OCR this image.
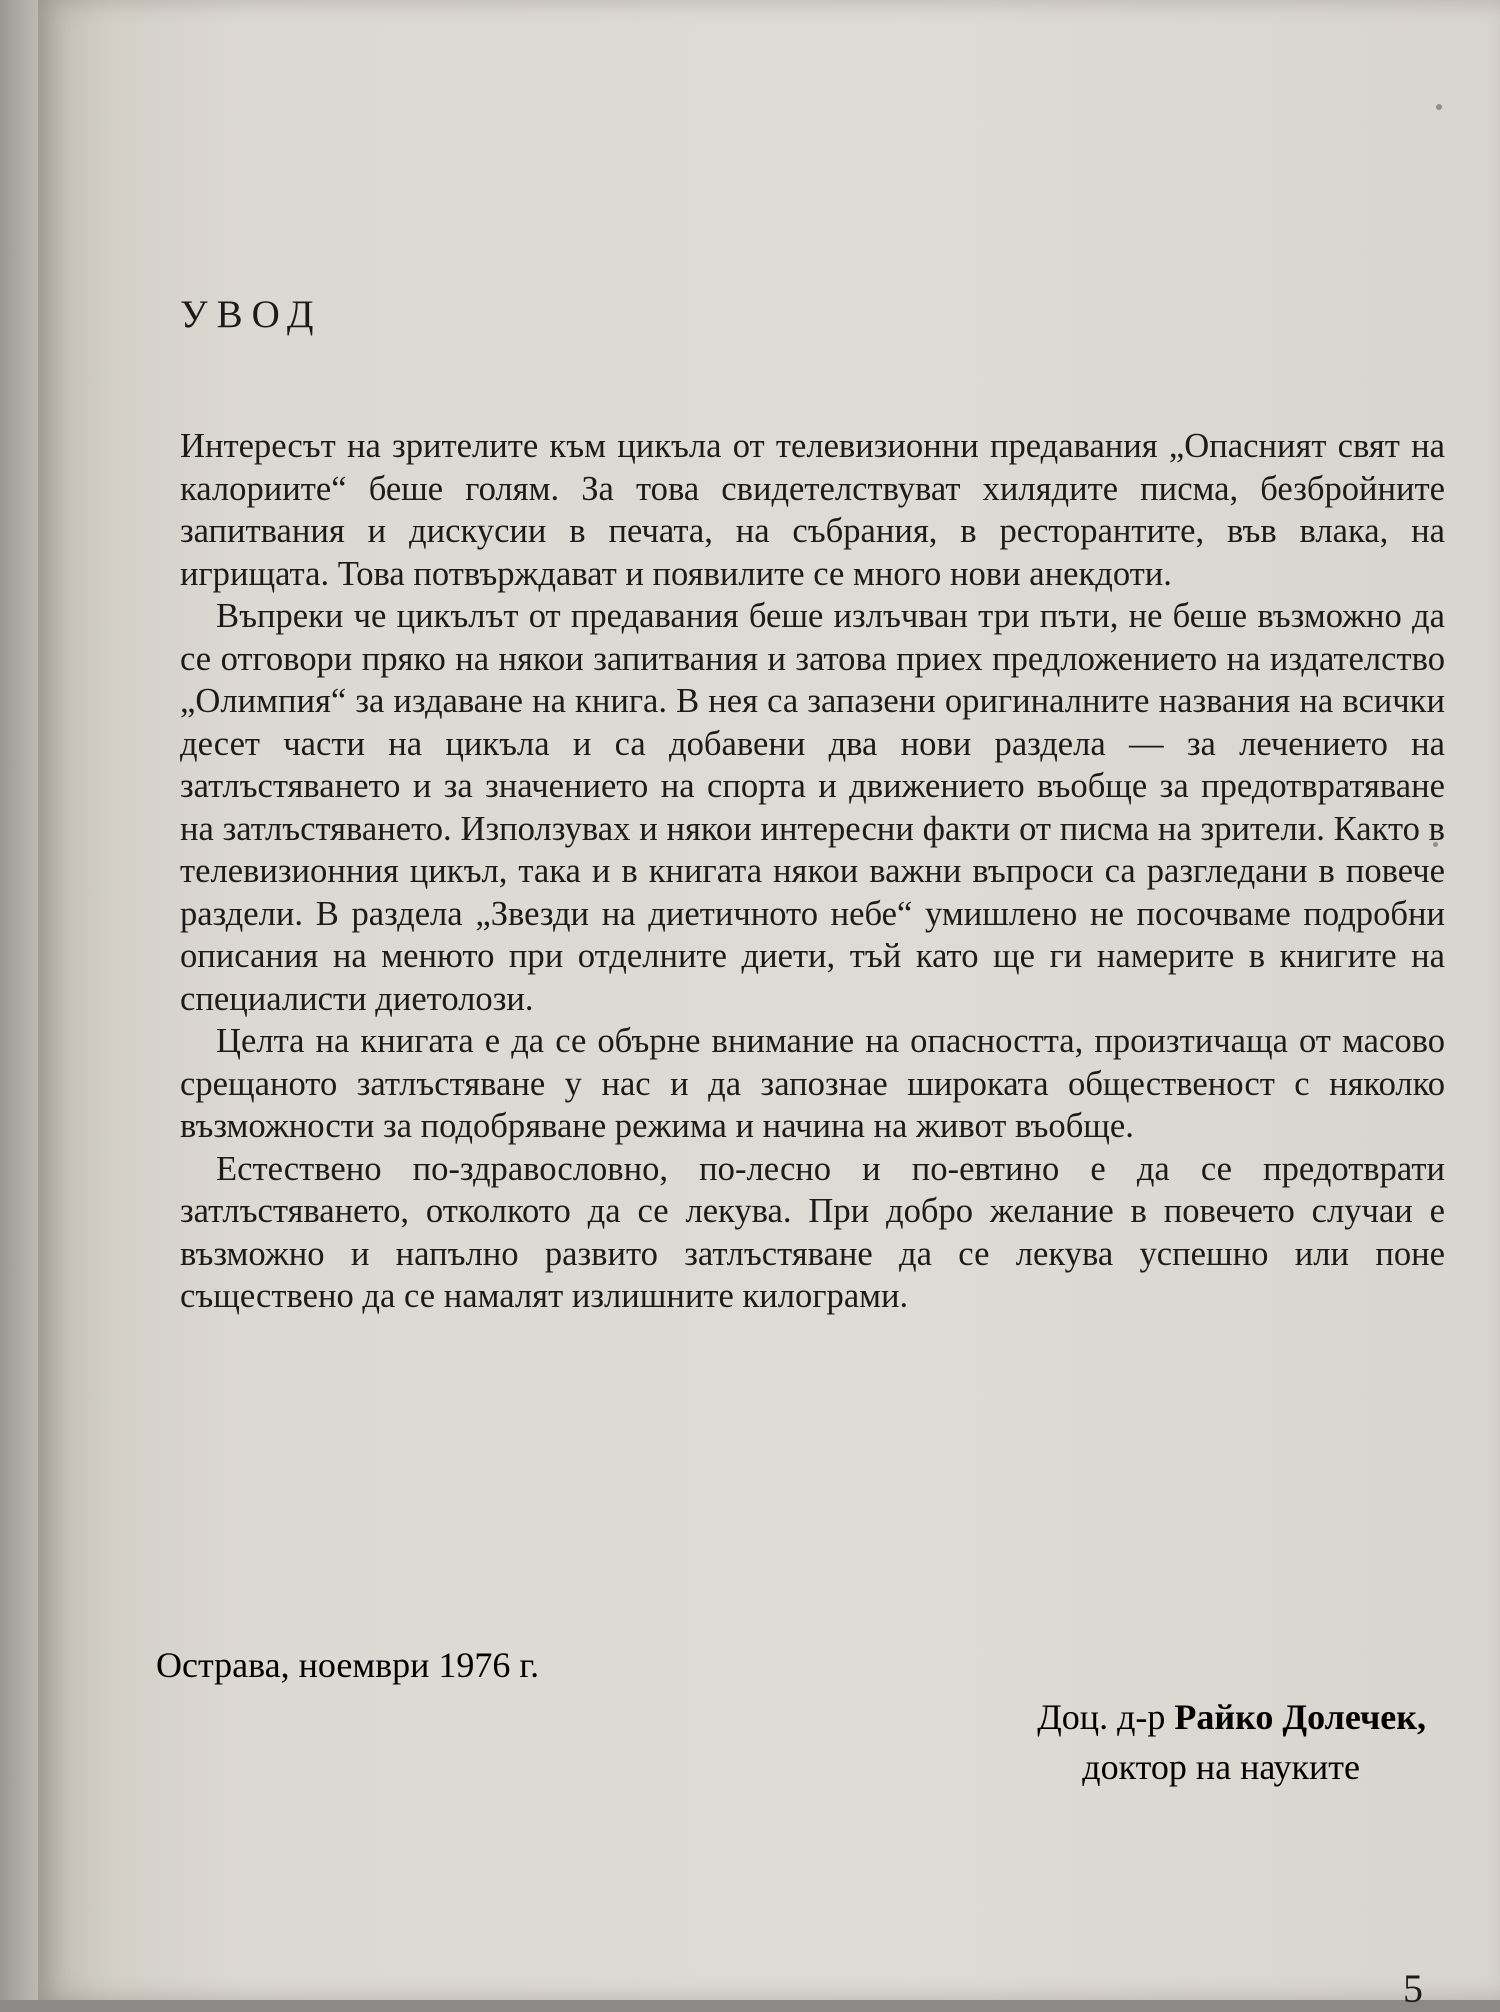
УВОД

Интересът на зрителите към цикъла от телевизионни предавания „Опасният свят на калориите“ беше голям. За това свидетелствуват хилядите писма, безбройните запитвания и дискусии в печата, на събрания, в ресторантите, във влака, на игрищата. Това потвърждават и появилите се много нови анекдоти.

Въпреки че цикълът от предавания беше излъчван три пъти, не беше възможно да се отговори пряко на някои запитвания и затова приех предложението на издателство „Олимпия“ за издаване на книга. В нея са запазени оригиналните названия на всички десет части на цикъла и са добавени два нови раздела — за лечението на затлъстяването и за значението на спорта и движението въобще за предотвратяване на затлъстяването. Използувах и някои интересни факти от писма на зрители. Както в телевизионния цикъл, така и в книгата някои важни въпроси са разгледани в повече раздели. В раздела „Звезди на диетичното небе“ умишлено не посочваме подробни описания на менюто при отделните диети, тъй като ще ги намерите в книгите на специалисти диетолози.

Целта на книгата е да се обърне внимание на опасността, произтичаща от масово срещаното затлъстяване у нас и да запознае широката общественост с няколко възможности за подобряване режима и начина на живот въобще.

Естествено по-здравословно, по-лесно и по-евтино е да се предотврати затлъстяването, отколкото да се лекува. При добро желание в повечето случаи е възможно и напълно развито затлъстяване да се лекува успешно или поне съществено да се намалят излишните килограми.

Острава, ноември 1976 г.
Доц. д-р Райко Долечек,
доктор на науките
5
